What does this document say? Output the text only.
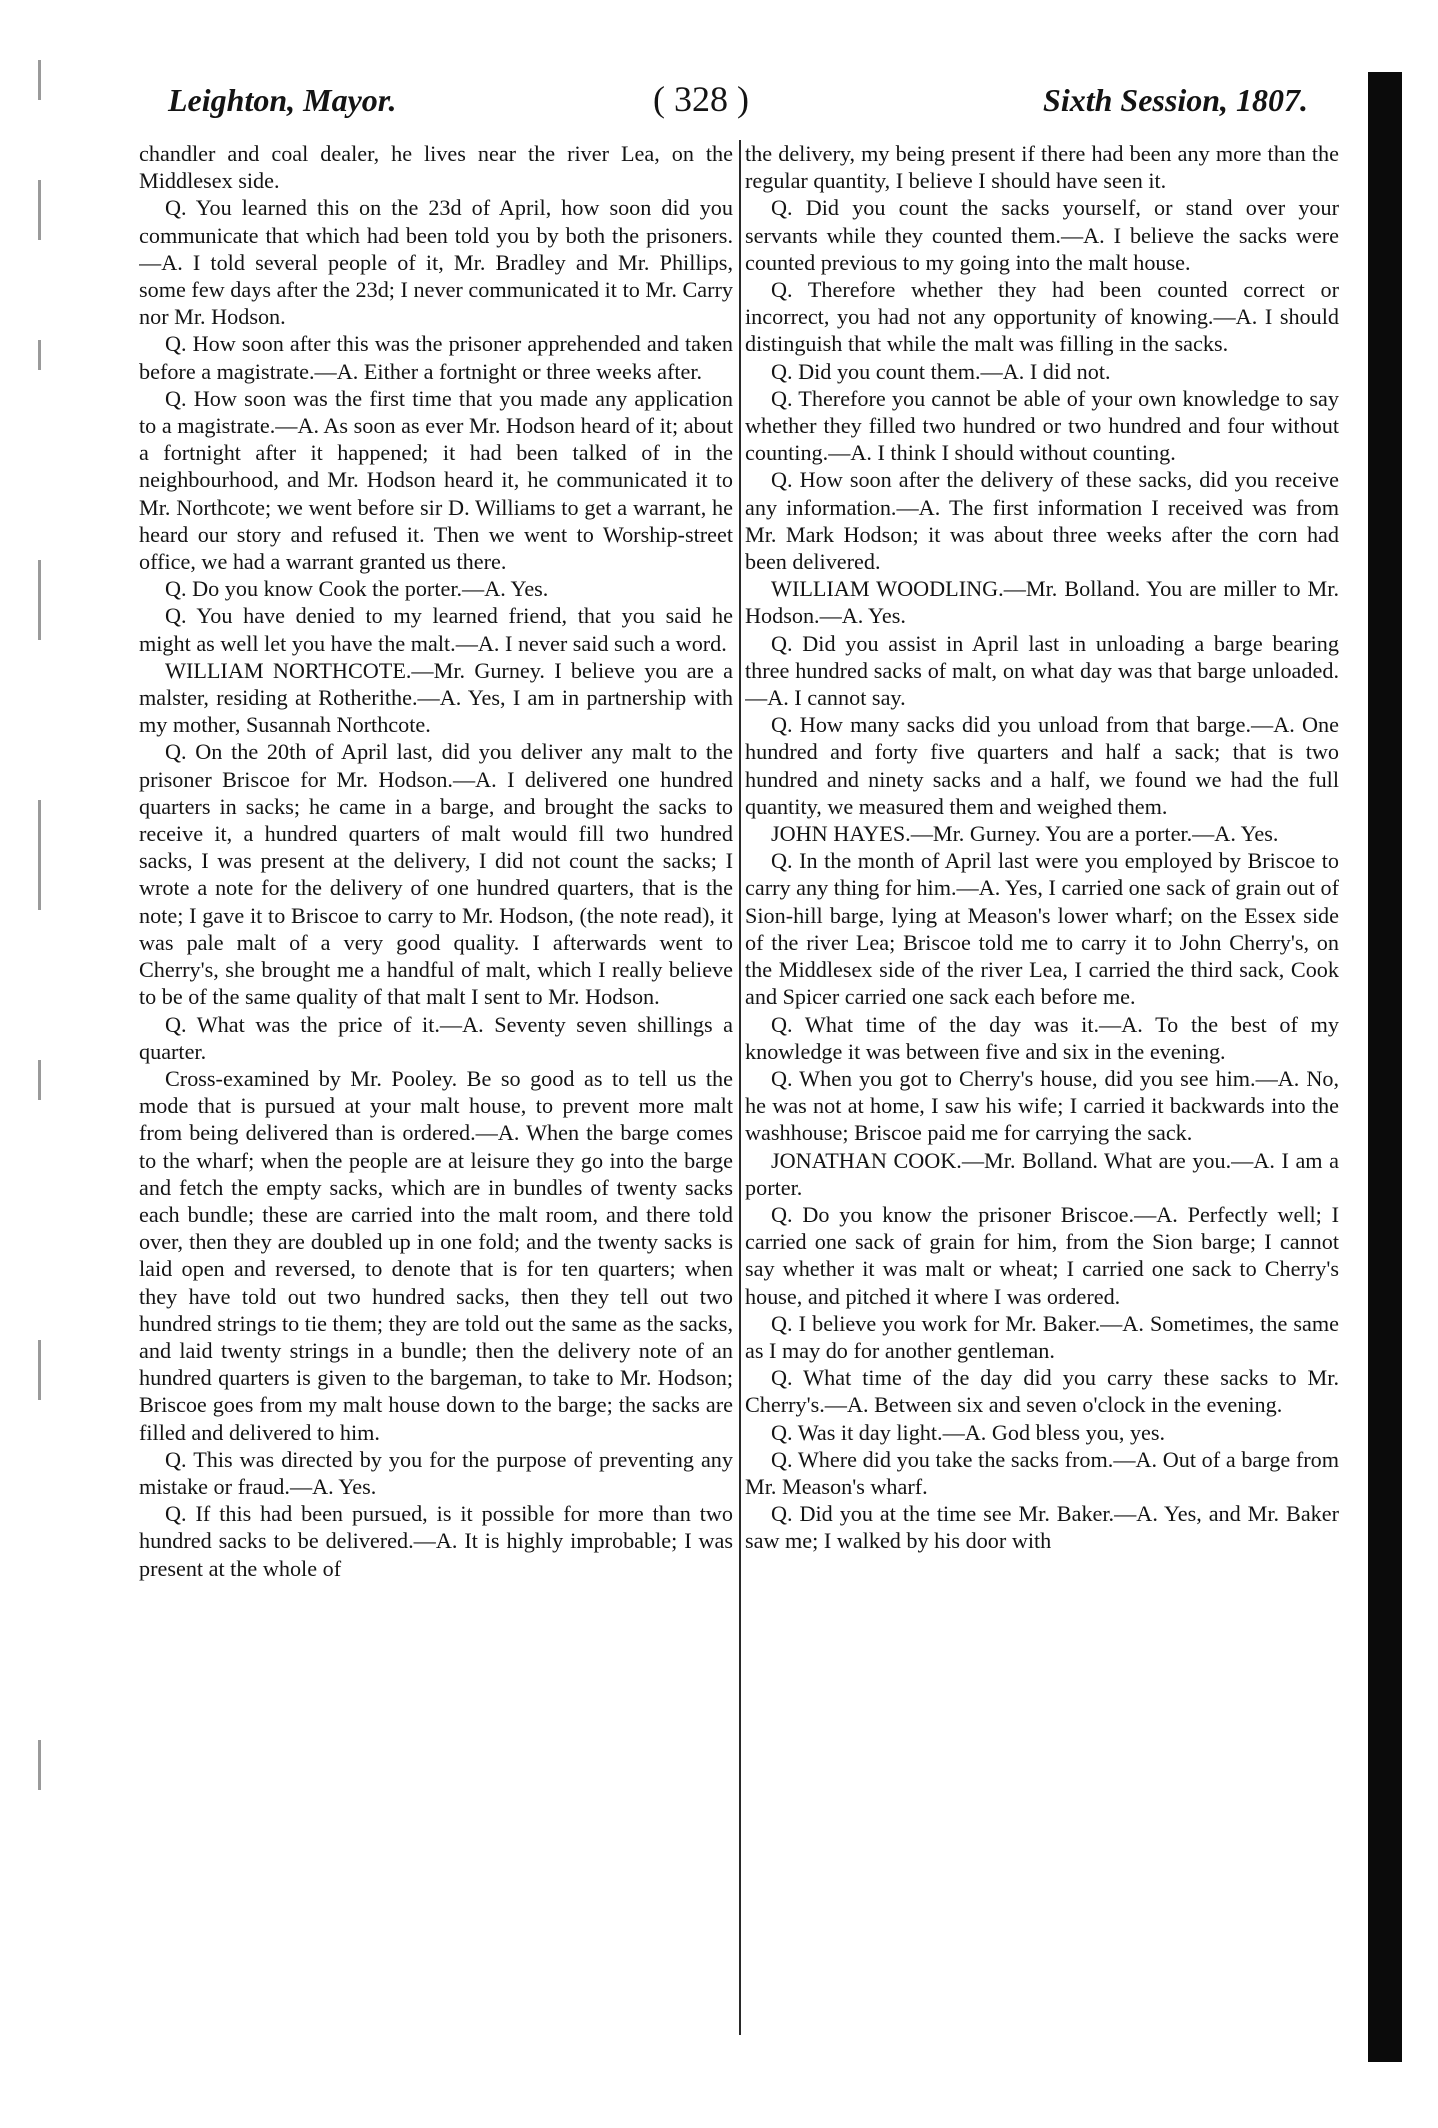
Leighton, Mayor.	( 328 )	Sixth Session, 1807.

chandler and coal dealer, he lives near the river Lea, on the Middlesex side.

Q. You learned this on the 23d of April, how soon did you communicate that which had been told you by both the prisoners.—A. I told several people of it, Mr. Bradley and Mr. Phillips, some few days after the 23d; I never communicated it to Mr. Carry nor Mr. Hodson.

Q. How soon after this was the prisoner apprehended and taken before a magistrate.—A. Either a fortnight or three weeks after.

Q. How soon was the first time that you made any application to a magistrate.—A. As soon as ever Mr. Hodson heard of it; about a fortnight after it happened; it had been talked of in the neighbourhood, and Mr. Hodson heard it, he communicated it to Mr. Northcote; we went before sir D. Williams to get a warrant, he heard our story and refused it. Then we went to Worship-street office, we had a warrant granted us there.

Q. Do you know Cook the porter.—A. Yes.

Q. You have denied to my learned friend, that you said he might as well let you have the malt.—A. I never said such a word.

WILLIAM NORTHCOTE.—Mr. Gurney. I believe you are a malster, residing at Rotherithe.—A. Yes, I am in partnership with my mother, Susannah Northcote.

Q. On the 20th of April last, did you deliver any malt to the prisoner Briscoe for Mr. Hodson.—A. I delivered one hundred quarters in sacks; he came in a barge, and brought the sacks to receive it, a hundred quarters of malt would fill two hundred sacks, I was present at the delivery, I did not count the sacks; I wrote a note for the delivery of one hundred quarters, that is the note; I gave it to Briscoe to carry to Mr. Hodson, (the note read), it was pale malt of a very good quality. I afterwards went to Cherry's, she brought me a handful of malt, which I really believe to be of the same quality of that malt I sent to Mr. Hodson.

Q. What was the price of it.—A. Seventy seven shillings a quarter.

Cross-examined by Mr. Pooley. Be so good as to tell us the mode that is pursued at your malt house, to prevent more malt from being delivered than is ordered.—A. When the barge comes to the wharf; when the people are at leisure they go into the barge and fetch the empty sacks, which are in bundles of twenty sacks each bundle; these are carried into the malt room, and there told over, then they are doubled up in one fold; and the twenty sacks is laid open and reversed, to denote that is for ten quarters; when they have told out two hundred sacks, then they tell out two hundred strings to tie them; they are told out the same as the sacks, and laid twenty strings in a bundle; then the delivery note of an hundred quarters is given to the bargeman, to take to Mr. Hodson; Briscoe goes from my malt house down to the barge; the sacks are filled and delivered to him.

Q. This was directed by you for the purpose of preventing any mistake or fraud.—A. Yes.

Q. If this had been pursued, is it possible for more than two hundred sacks to be delivered.—A. It is highly improbable; I was present at the whole of

the delivery, my being present if there had been any more than the regular quantity, I believe I should have seen it.

Q. Did you count the sacks yourself, or stand over your servants while they counted them.—A. I believe the sacks were counted previous to my going into the malt house.

Q. Therefore whether they had been counted correct or incorrect, you had not any opportunity of knowing.—A. I should distinguish that while the malt was filling in the sacks.

Q. Did you count them.—A. I did not.

Q. Therefore you cannot be able of your own knowledge to say whether they filled two hundred or two hundred and four without counting.—A. I think I should without counting.

Q. How soon after the delivery of these sacks, did you receive any information.—A. The first information I received was from Mr. Mark Hodson; it was about three weeks after the corn had been delivered.

WILLIAM WOODLING.—Mr. Bolland. You are miller to Mr. Hodson.—A. Yes.

Q. Did you assist in April last in unloading a barge bearing three hundred sacks of malt, on what day was that barge unloaded.—A. I cannot say.

Q. How many sacks did you unload from that barge.—A. One hundred and forty five quarters and half a sack; that is two hundred and ninety sacks and a half, we found we had the full quantity, we measured them and weighed them.

JOHN HAYES.—Mr. Gurney. You are a porter.—A. Yes.

Q. In the month of April last were you employed by Briscoe to carry any thing for him.—A. Yes, I carried one sack of grain out of Sion-hill barge, lying at Meason's lower wharf; on the Essex side of the river Lea; Briscoe told me to carry it to John Cherry's, on the Middlesex side of the river Lea, I carried the third sack, Cook and Spicer carried one sack each before me.

Q. What time of the day was it.—A. To the best of my knowledge it was between five and six in the evening.

Q. When you got to Cherry's house, did you see him.—A. No, he was not at home, I saw his wife; I carried it backwards into the washhouse; Briscoe paid me for carrying the sack.

JONATHAN COOK.—Mr. Bolland. What are you.—A. I am a porter.

Q. Do you know the prisoner Briscoe.—A. Perfectly well; I carried one sack of grain for him, from the Sion barge; I cannot say whether it was malt or wheat; I carried one sack to Cherry's house, and pitched it where I was ordered.

Q. I believe you work for Mr. Baker.—A. Sometimes, the same as I may do for another gentleman.

Q. What time of the day did you carry these sacks to Mr. Cherry's.—A. Between six and seven o'clock in the evening.

Q. Was it day light.—A. God bless you, yes.

Q. Where did you take the sacks from.—A. Out of a barge from Mr. Meason's wharf.

Q. Did you at the time see Mr. Baker.—A. Yes, and Mr. Baker saw me; I walked by his door with
